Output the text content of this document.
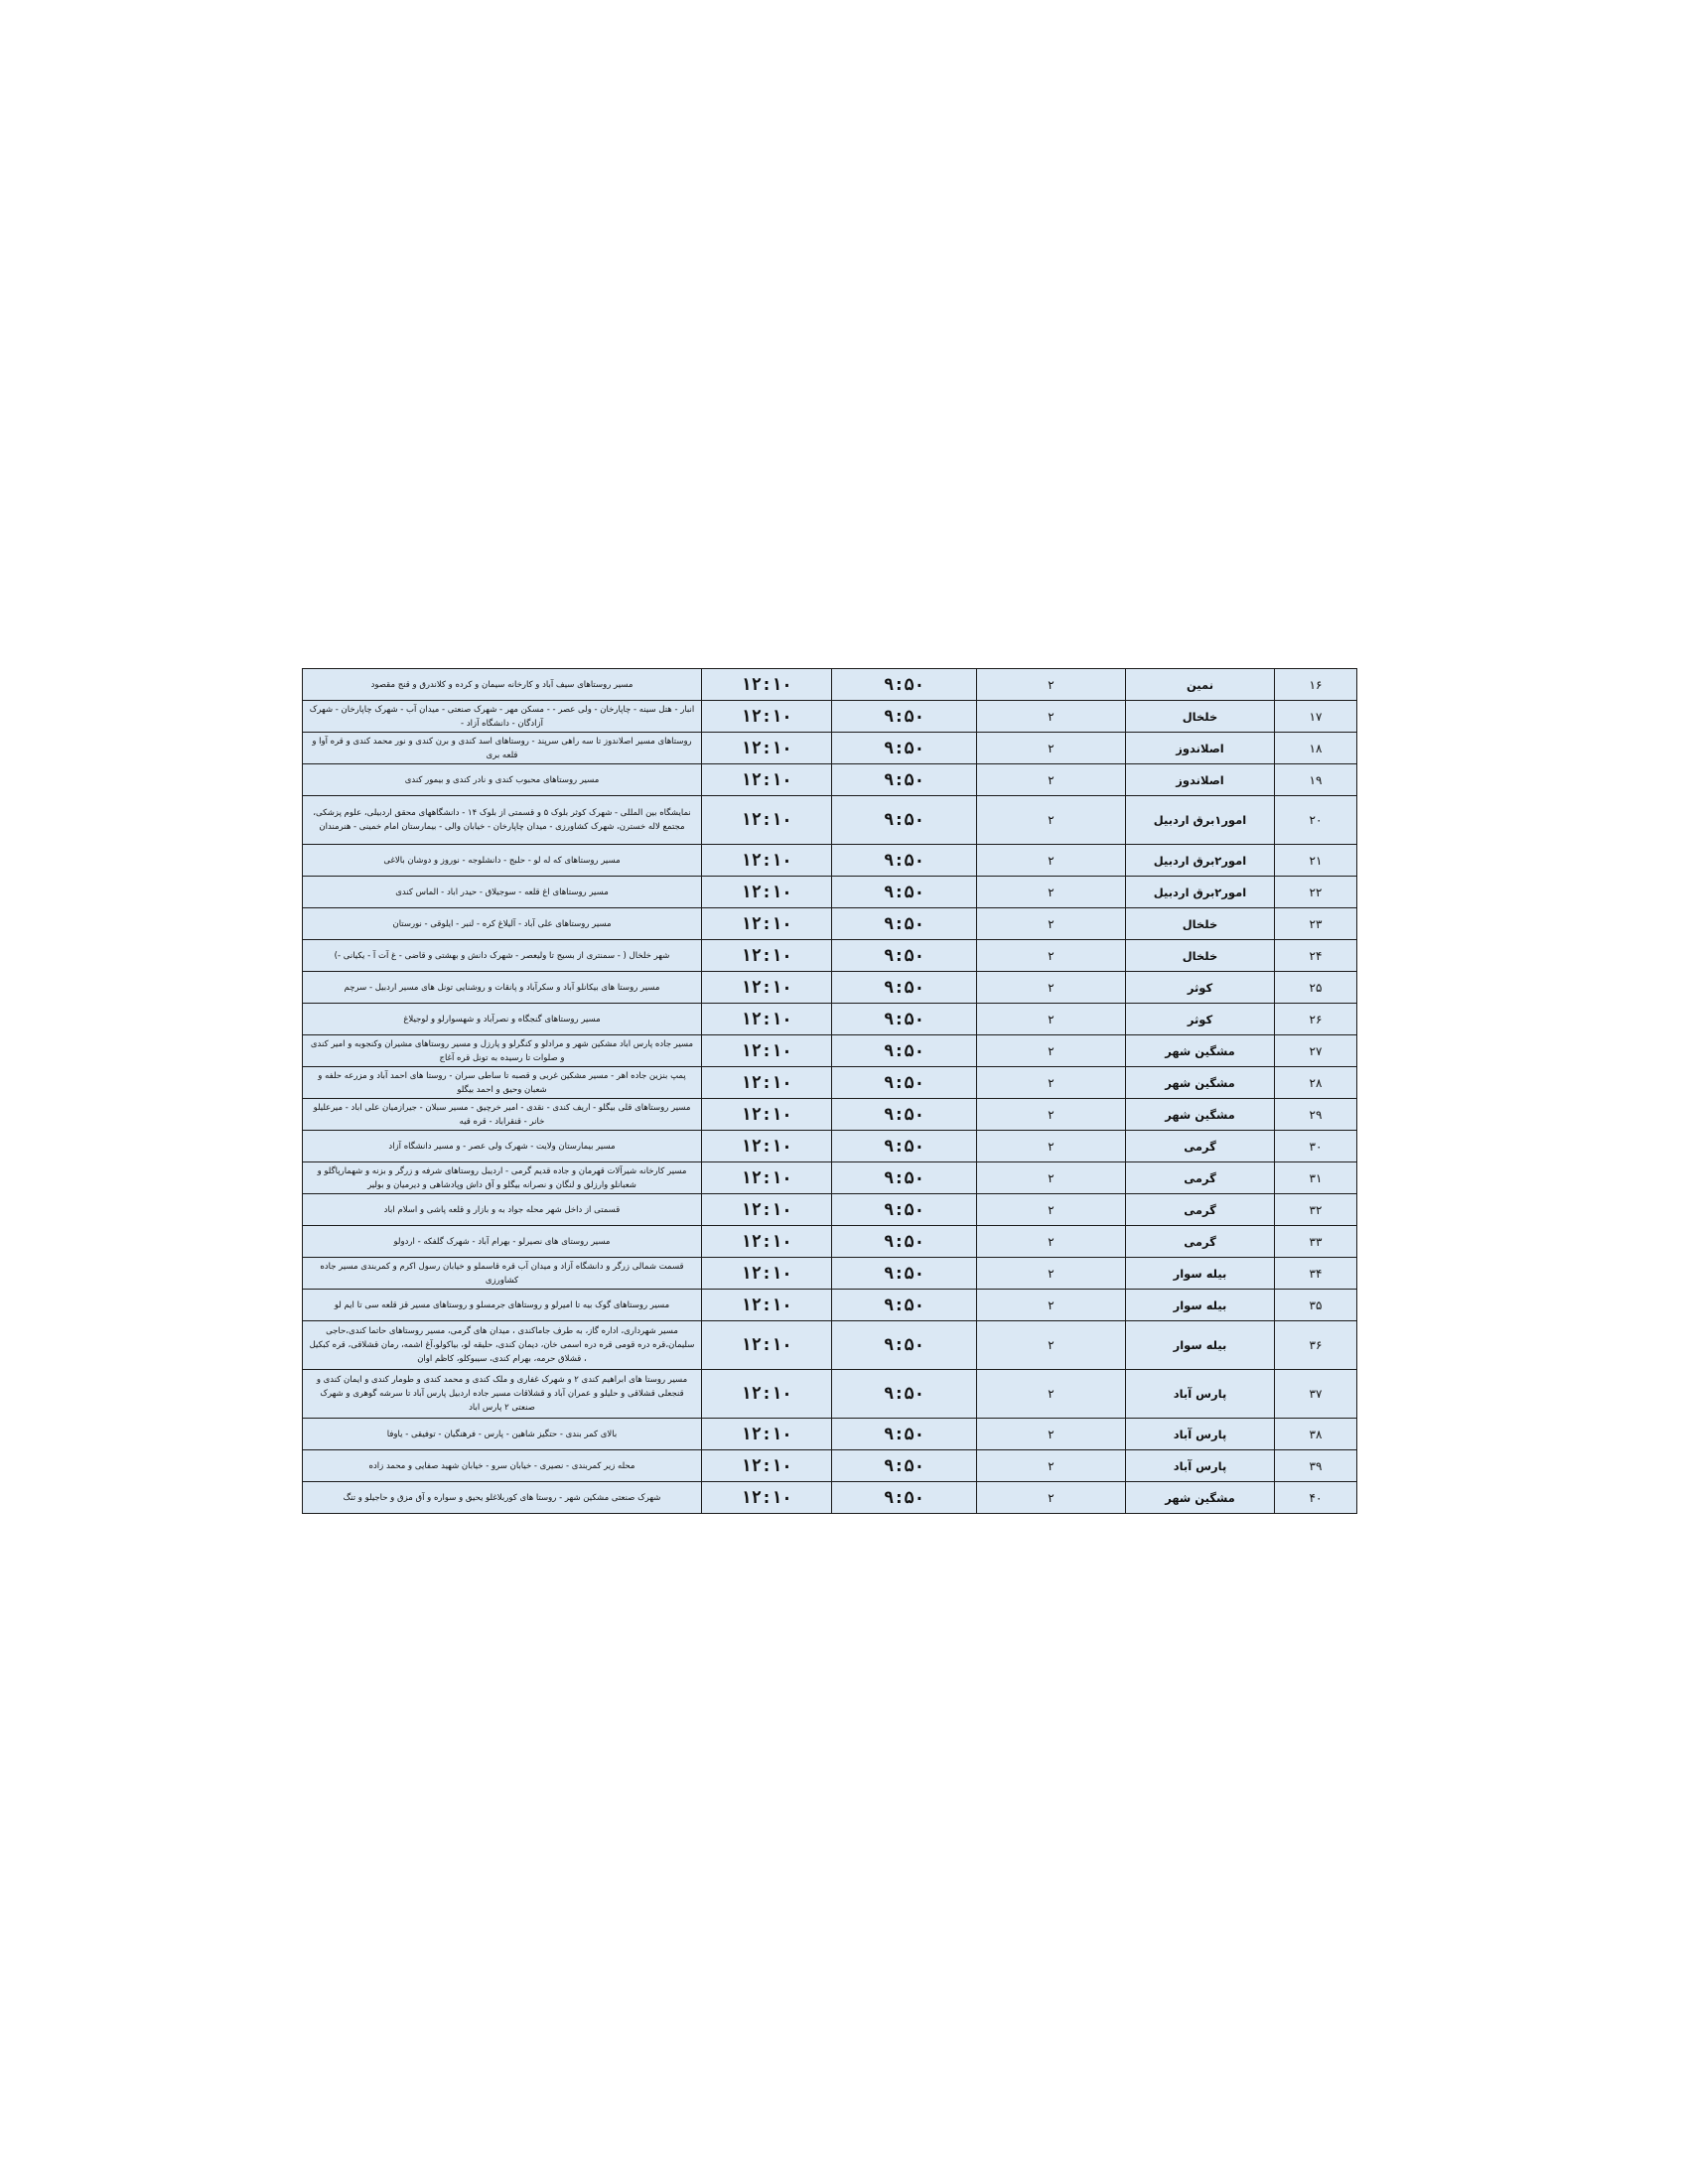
۱۶	نمین	۲	۹:۵۰	۱۲:۱۰	مسیر روستاهای سیف آباد و کارخانه سیمان و کرده و کلاندرق و قنج مقصود
۱۷	خلخال	۲	۹:۵۰	۱۲:۱۰	انبار - هتل سینه - چاپارخان - ولی عصر - - مسکن مهر - شهرک صنعتی - میدان آب - شهرک چاپارخان - شهرک آزادگان - دانشگاه آزاد -
۱۸	اصلاندوز	۲	۹:۵۰	۱۲:۱۰	روستاهای مسیر اصلاندوز تا سه راهی سرپند - روستاهای اسد کندی و برن کندی و نور محمد کندی و قره آوا و قلعه بری
۱۹	اصلاندوز	۲	۹:۵۰	۱۲:۱۰	مسیر روستاهای محبوب کندی و نادر کندی و بیمور کندی
۲۰	امور۱برق اردبیل	۲	۹:۵۰	۱۲:۱۰	نمایشگاه بین المللی - شهرک کوثر بلوک ۵ و قسمتی از بلوک ۱۴ - دانشگاههای محقق اردبیلی، علوم پزشکی، مجتمع لاله خسترن، شهرک کشاورزی - میدان چاپارخان - خیابان والی - بیمارستان امام خمینی - هنرمندان
۲۱	امور۲برق اردبیل	۲	۹:۵۰	۱۲:۱۰	مسیر روستاهای که له لو - حلبج - دانشلوجه - نوروز و دوشان بالاغی
۲۲	امور۲برق اردبیل	۲	۹:۵۰	۱۲:۱۰	مسیر روستاهای اغ قلعه - سوجیلاق - حیدر اباد - الماس کندی
۲۳	خلخال	۲	۹:۵۰	۱۲:۱۰	مسیر روستاهای علی آباد - آلیلاغ کره - لنبر - ایلوقی - نورستان
۲۴	خلخال	۲	۹:۵۰	۱۲:۱۰	شهر خلخال ( - سمنتری از بسیج تا ولیعصر - شهرک دانش و بهشتی و قاضی - غ آت آ - یکیانی -)
۲۵	کوثر	۲	۹:۵۰	۱۲:۱۰	مسیر روستا های بیکانلو آباد و سکرآباد و پانقات و روشنایی تونل های مسیر اردبیل - سرچم
۲۶	کوثر	۲	۹:۵۰	۱۲:۱۰	مسیر روستاهای گنجگاه و نصرآباد و شهسوارلو و لوجیلاغ
۲۷	مشگین شهر	۲	۹:۵۰	۱۲:۱۰	مسیر جاده پارس اباد مشکین شهر و مرادلو و کنگرلو و پارزل و مسیر روستاهای مشیران وکنجوبه و امیر کندی و صلوات تا رسیده به تونل قره آغاج
۲۸	مشگین شهر	۲	۹:۵۰	۱۲:۱۰	پمپ بنزین جاده اهر - مسیر مشکین غربی و قصبه تا ساطی سران - روستا های احمد آباد و مزرعه حلفه و شعبان وحیق و احمد بیگلو
۲۹	مشگین شهر	۲	۹:۵۰	۱۲:۱۰	مسیر روستاهای قلی بیگلو - اریف کندی - نقدی - امیر خرچیق - مسیر سبلان - جیرازمیان علی اباد - میرعلیلو خانر - قنقراباد - قره قیه
۳۰	گرمی	۲	۹:۵۰	۱۲:۱۰	مسیر بیمارستان ولایت - شهرک ولی عصر - و مسیر دانشگاه آزاد
۳۱	گرمی	۲	۹:۵۰	۱۲:۱۰	مسیر کارخانه شیرآلات قهرمان و جاده قدیم گرمی - اردیبل روستاهای شرفه و زرگر و بزنه و شهمارپاگلو و شعبانلو وارزلق و لنگان و نصرانه بیگلو و آق داش وپادشاهی و دیرمیان و بولیر
۳۲	گرمی	۲	۹:۵۰	۱۲:۱۰	قسمتی از داخل شهر محله جواد به و بازار و قلعه پاشی و اسلام اباد
۳۳	گرمی	۲	۹:۵۰	۱۲:۱۰	مسیر روستای های نصیرلو - بهرام آباد - شهرک گلفکه - اردولو
۳۴	بیله سوار	۲	۹:۵۰	۱۲:۱۰	قسمت شمالی زرگر و دانشگاه آزاد و میدان آب قره قاسملو و خیابان رسول اکرم و کمربندی مسیر جاده کشاورزی
۳۵	بیله سوار	۲	۹:۵۰	۱۲:۱۰	مسیر روستاهای گوک بیه تا امیرلو و روستاهای جرمسلو و روستاهای مسیر قز قلعه سی تا ایم لو
۳۶	بیله سوار	۲	۹:۵۰	۱۲:۱۰	مسیر شهرداری، اداره گاز، به طرف جاماکندی ، میدان های گرمی، مسیر روستاهای حاتما کندی،حاجی سلیمان،قره دره قومی قره دره اسمی خان، دیمان کندی، حلیقه لو، بیاکولو،آغ اشمه، رمان قشلاقی، قره کبکیل ، قشلاق حرمه، بهرام کندی، سیبوکلو، کاظم اوان
۳۷	پارس آباد	۲	۹:۵۰	۱۲:۱۰	مسیر روستا های ابراهیم کندی ۲ و شهرک غفاری و ملک کندی و محمد کندی و طومار کندی و ایمان کندی و قنجعلی قشلاقی و حلیلو و عمران آباد و قشلاقات مسیر جاده اردبیل پارس آباد تا سرشه گوهری و شهرک صنعتی ۲ پارس اباد
۳۸	پارس آباد	۲	۹:۵۰	۱۲:۱۰	بالای کمر بندی - حتگیز شاهین - پارس - فرهنگیان - توفیقی - یاوفا
۳۹	پارس آباد	۲	۹:۵۰	۱۲:۱۰	محله زیر کمربندی - نصیری - خیابان سرو - خیابان شهید صفایی و محمد زاده
۴۰	مشگین شهر	۲	۹:۵۰	۱۲:۱۰	شهرک صنعتی مشکین شهر - روستا های کوربلاغلو یحیق و سواره و آق مزق و حاجیلو و تنگ
